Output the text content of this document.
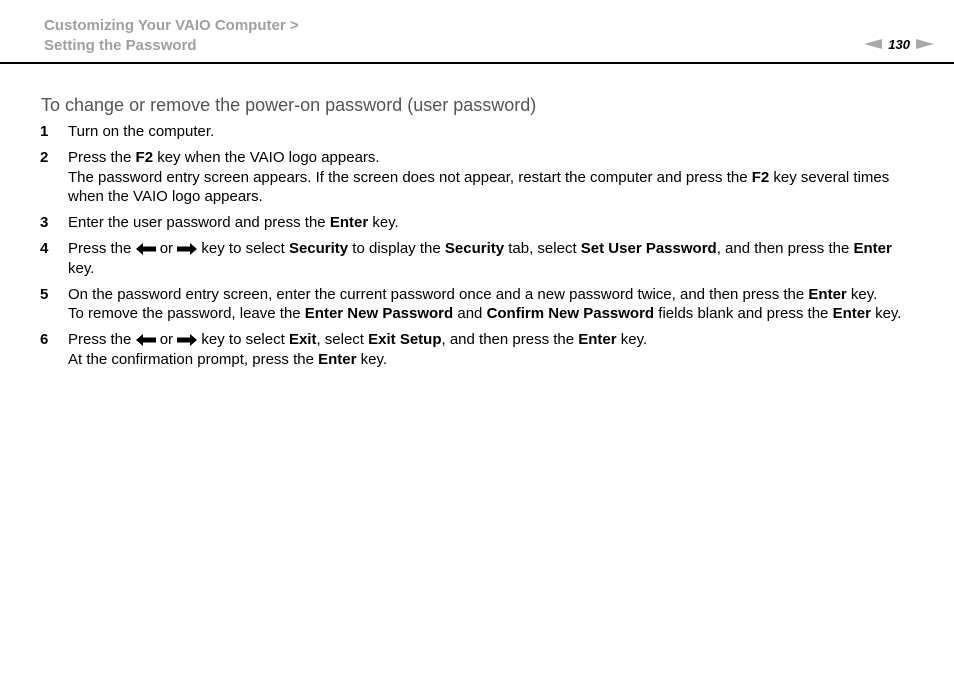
Customizing Your VAIO Computer >
Setting the Password	130
To change or remove the power-on password (user password)
1	Turn on the computer.
2	Press the F2 key when the VAIO logo appears.
The password entry screen appears. If the screen does not appear, restart the computer and press the F2 key several times when the VAIO logo appears.
3	Enter the user password and press the Enter key.
4	Press the  or  key to select Security to display the Security tab, select Set User Password, and then press the Enter key.
5	On the password entry screen, enter the current password once and a new password twice, and then press the Enter key.
To remove the password, leave the Enter New Password and Confirm New Password fields blank and press the Enter key.
6	Press the  or  key to select Exit, select Exit Setup, and then press the Enter key.
At the confirmation prompt, press the Enter key.
